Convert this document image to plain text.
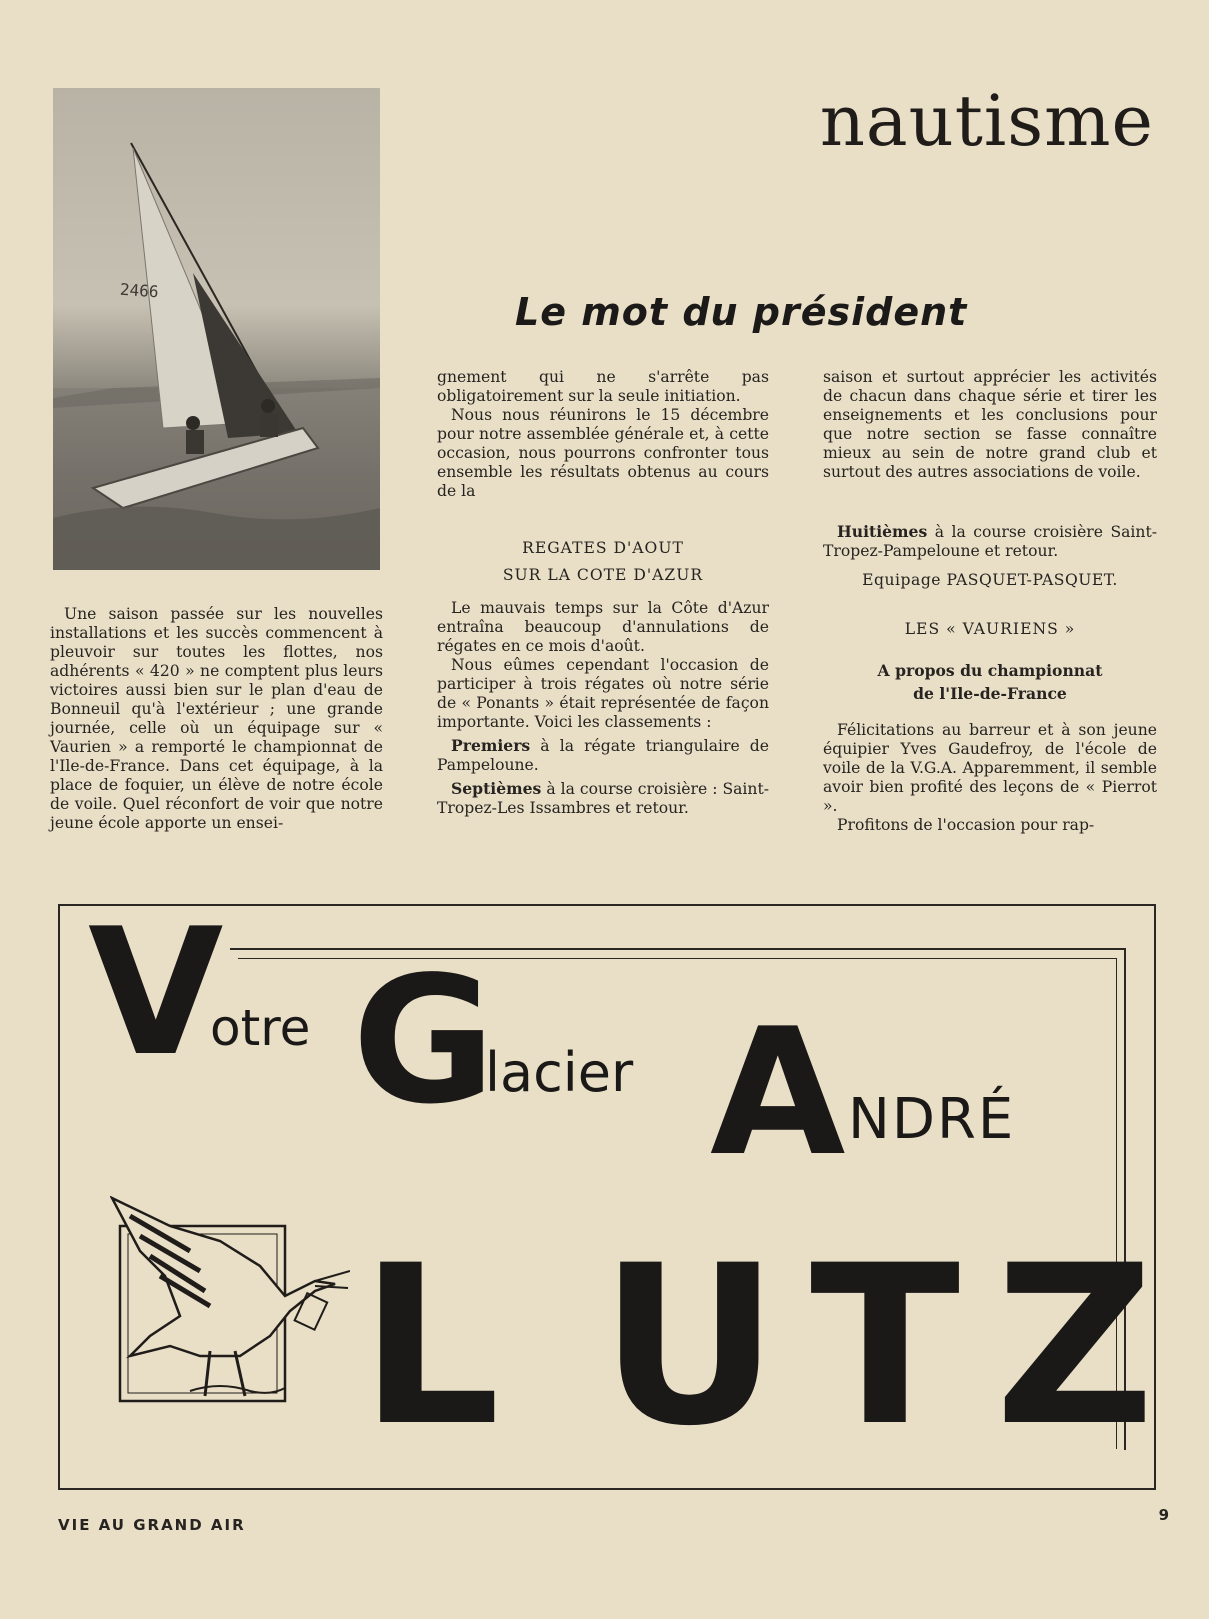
2466
nautisme
Le mot du président

Une saison passée sur les nouvelles installations et les succès commencent à pleuvoir sur toutes les flottes, nos adhérents « 420 » ne comptent plus leurs victoires aussi bien sur le plan d'eau de Bonneuil qu'à l'extérieur ; une grande journée, celle où un équipage sur « Vaurien » a remporté le championnat de l'Ile-de-France. Dans cet équipage, à la place de foquier, un élève de notre école de voile. Quel réconfort de voir que notre jeune école apporte un ensei-

gnement qui ne s'arrête pas obligatoirement sur la seule initiation.

Nous nous réunirons le 15 décembre pour notre assemblée générale et, à cette occasion, nous pourrons confronter tous ensemble les résultats obtenus au cours de la

REGATES D'AOUT

SUR LA COTE D'AZUR

Le mauvais temps sur la Côte d'Azur entraîna beaucoup d'annulations de régates en ce mois d'août.

Nous eûmes cependant l'occasion de participer à trois régates où notre série de « Ponants » était représentée de façon importante. Voici les classements :

Premiers à la régate triangulaire de Pampeloune.

Septièmes à la course croisière : Saint-Tropez-Les Issambres et retour.

saison et surtout apprécier les activités de chacun dans chaque série et tirer les enseignements et les conclusions pour que notre section se fasse connaître mieux au sein de notre grand club et surtout des autres associations de voile.

Huitièmes à la course croisière Saint-Tropez-Pampeloune et retour.

Equipage PASQUET-PASQUET.

LES « VAURIENS »

A propos du championnat

de l'Ile-de-France

Félicitations au barreur et à son jeune équipier Yves Gaudefroy, de l'école de voile de la V.G.A. Apparemment, il semble avoir bien profité des leçons de « Pierrot ».

Profitons de l'occasion pour rap-

V
otre G
lacier A NDRÉ
L U T Z
VIE AU GRAND AIR
9
